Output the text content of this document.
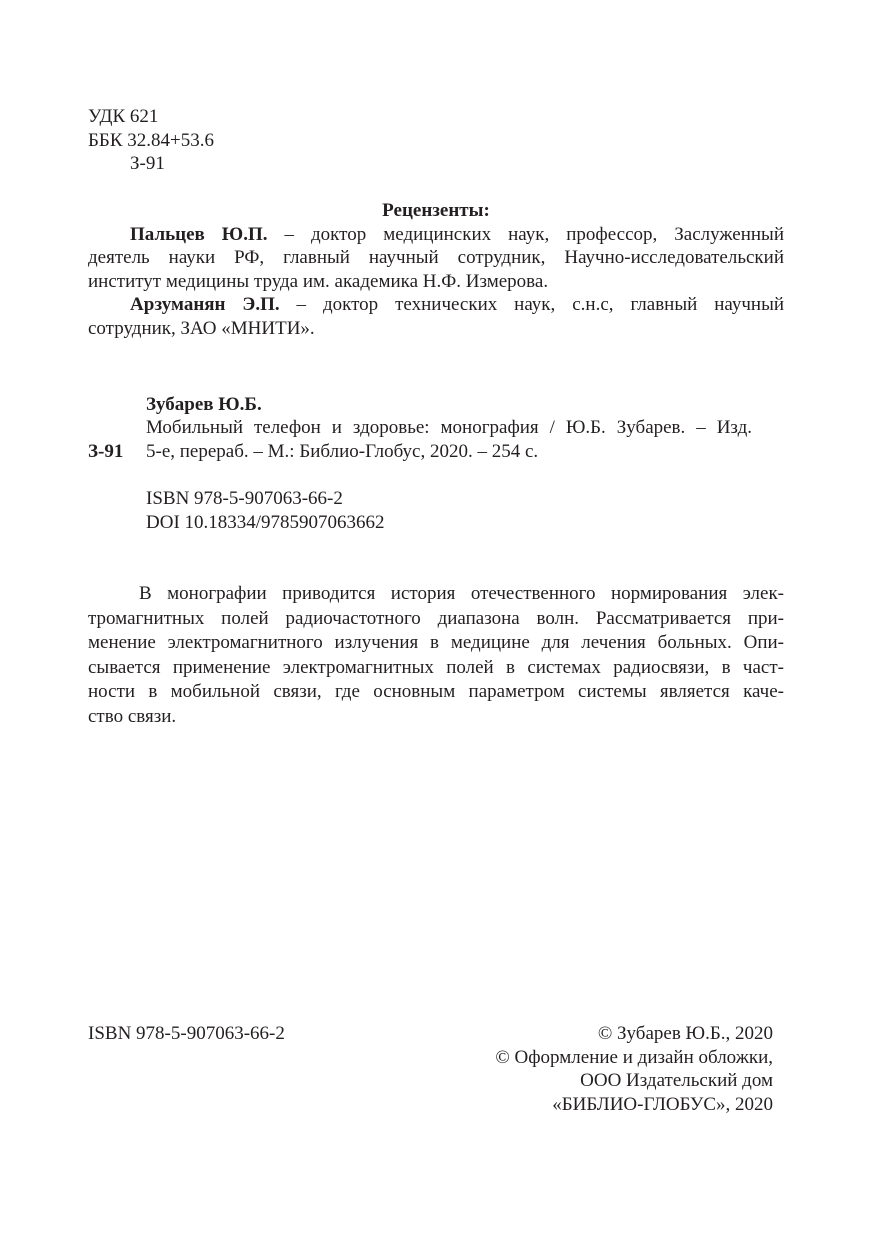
УДК 621
ББК 32.84+53.6
З-91
Рецензенты:
Пальцев Ю.П. – доктор медицинских наук, профессор, Заслуженный
деятель науки РФ, главный научный сотрудник, Научно-исследовательский
институт медицины труда им. академика Н.Ф. Измерова.
Арзуманян Э.П. – доктор технических наук, с.н.с, главный научный
сотрудник, ЗАО «МНИТИ».
Зубарев Ю.Б.
Мобильный телефон и здоровье: монография / Ю.Б. Зубарев. – Изд.
З-91 5-е, перераб. – М.: Библио-Глобус, 2020. – 254 с.
ISBN 978-5-907063-66-2
DOI 10.18334/9785907063662
В монографии приводится история отечественного нормирования элек-
тромагнитных полей радиочастотного диапазона волн. Рассматривается при-
менение электромагнитного излучения в медицине для лечения больных. Опи-
сывается применение электромагнитных полей в системах радиосвязи, в част-
ности в мобильной связи, где основным параметром системы является каче-
ство связи.
ISBN 978-5-907063-66-2	© Зубарев Ю.Б., 2020
© Оформление и дизайн обложки,
ООО Издательский дом
«БИБЛИО-ГЛОБУС», 2020
